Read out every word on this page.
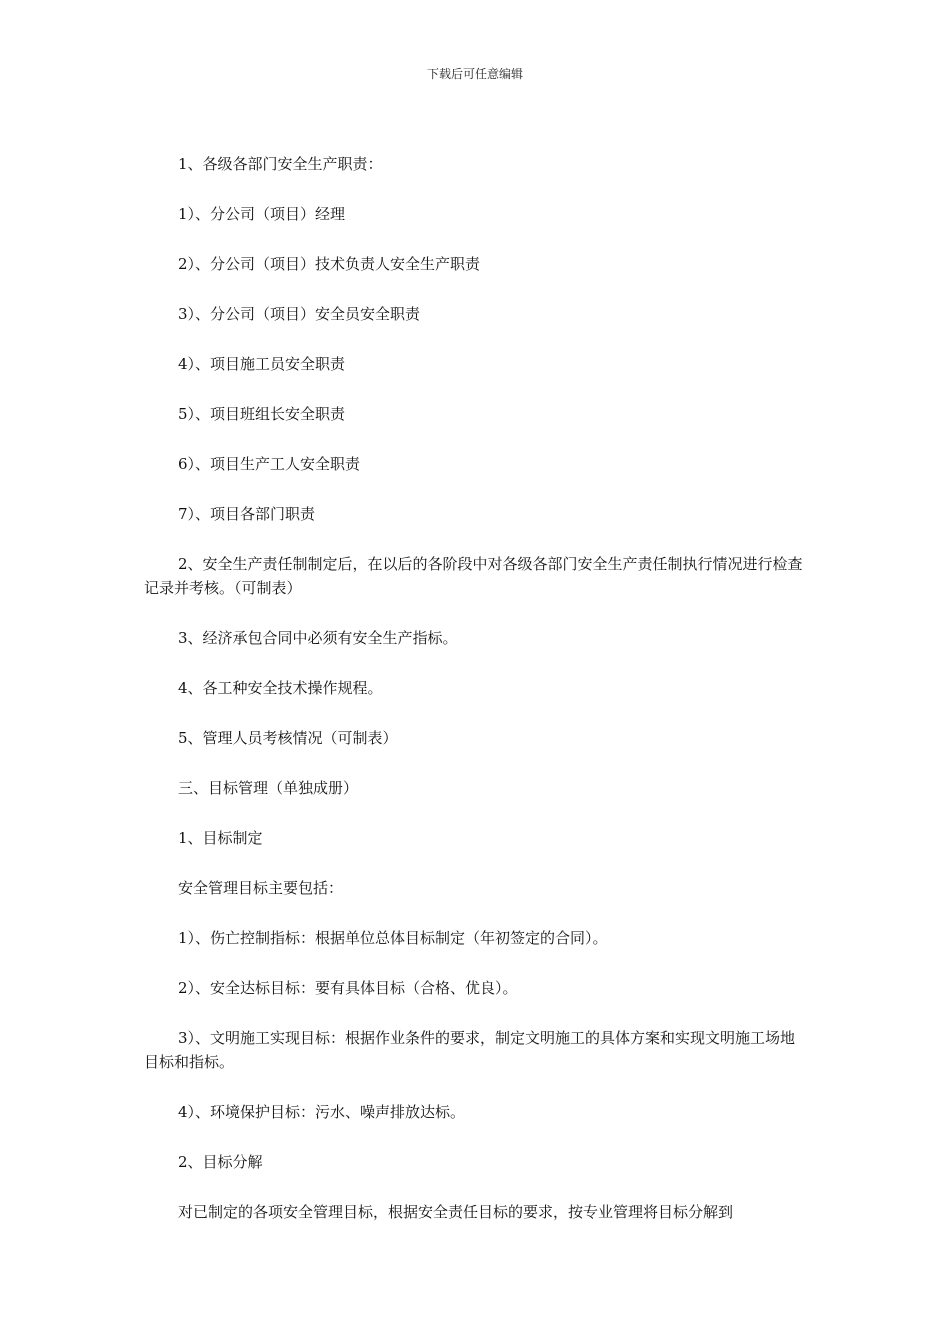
下载后可任意编辑

1、各级各部门安全生产职责：

1）、分公司（项目）经理

2）、分公司（项目）技术负责人安全生产职责

3）、分公司（项目）安全员安全职责

4）、项目施工员安全职责

5）、项目班组长安全职责

6）、项目生产工人安全职责

7）、项目各部门职责

2、安全生产责任制制定后，在以后的各阶段中对各级各部门安全生产责任制执行情况进行检查记录并考核。（可制表）

3、经济承包合同中必须有安全生产指标。

4、各工种安全技术操作规程。

5、管理人员考核情况（可制表）

三、目标管理（单独成册）

1、目标制定

安全管理目标主要包括：

1）、伤亡控制指标：根据单位总体目标制定（年初签定的合同）。

2）、安全达标目标：要有具体目标（合格、优良）。

3）、文明施工实现目标：根据作业条件的要求，制定文明施工的具体方案和实现文明施工场地目标和指标。

4）、环境保护目标：污水、噪声排放达标。

2、目标分解

对已制定的各项安全管理目标，根据安全责任目标的要求，按专业管理将目标分解到
